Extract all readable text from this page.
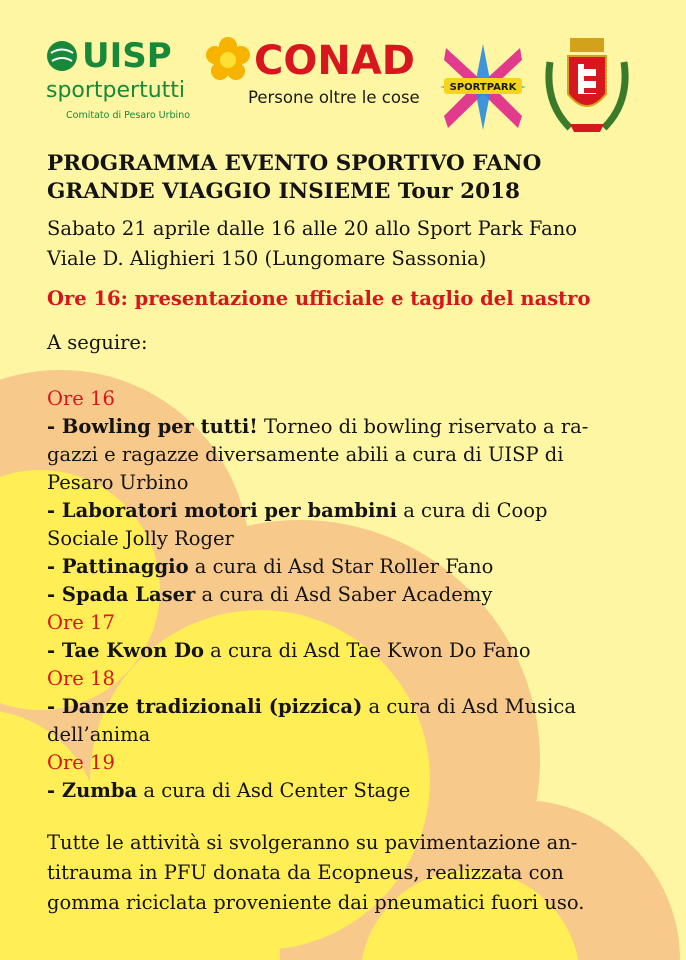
UISP
sportpertutti
Comitato di Pesaro Urbino
CONAD
Persone oltre le cose
SPORTPARK
PROGRAMMA EVENTO SPORTIVO FANO
GRANDE VIAGGIO INSIEME Tour 2018

Sabato 21 aprile dalle 16 alle 20 allo Sport Park Fano
Viale D. Alighieri 150 (Lungomare Sassonia)

Ore 16: presentazione ufficiale e taglio del nastro

A seguire:

Ore 16
- Bowling per tutti! Torneo di bowling riservato a ra-
gazzi e ragazze diversamente abili a cura di UISP di
Pesaro Urbino
- Laboratori motori per bambini a cura di Coop
Sociale Jolly Roger
- Pattinaggio a cura di Asd Star Roller Fano
- Spada Laser a cura di Asd Saber Academy
Ore 17
- Tae Kwon Do a cura di Asd Tae Kwon Do Fano
Ore 18
- Danze tradizionali (pizzica) a cura di Asd Musica
dell’anima
Ore 19
- Zumba a cura di Asd Center Stage

Tutte le attività si svolgeranno su pavimentazione an-
titrauma in PFU donata da Ecopneus, realizzata con
gomma riciclata proveniente dai pneumatici fuori uso.
